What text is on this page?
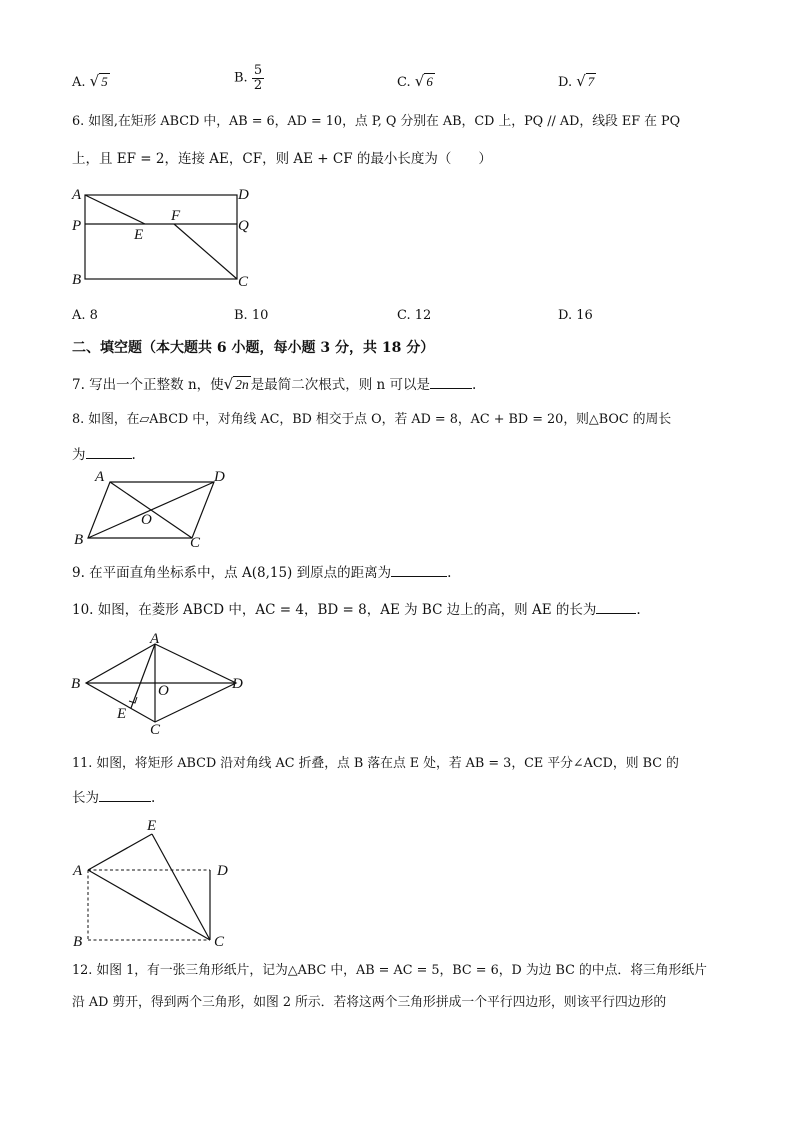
A. √ 5	B. $\frac{5}{2}$	C. √ 6	D. √ 7
6. 如图,在矩形 ABCD 中，AB = 6，AD = 10，点 P, Q 分别在 AB，CD 上，PQ // AD，线段 EF 在 PQ
上，且 EF = 2，连接 AE，CF，则 AE + CF 的最小长度为（　　）
A	D
P	Q
E
F
B	C
A. 8	B. 10	C. 12	D. 16
二、填空题（本大题共 6 小题，每小题 3 分，共 18 分）
7. 写出一个正整数 n，使√ 2n 是最简二次根式，则 n 可以是	.
8. 如图，在▱ABCD 中，对角线 AC，BD 相交于点 O，若 AD = 8，AC + BD = 20，则△BOC 的周长
为	.
A	D
O
B	C
9. 在平面直角坐标系中，点 A(8,15) 到原点的距离为	.
10. 如图，在菱形 ABCD 中，AC = 4，BD = 8，AE 为 BC 边上的高，则 AE 的长为	.
A
B	O	D
E
C
11. 如图，将矩形 ABCD 沿对角线 AC 折叠，点 B 落在点 E 处，若 AB = 3，CE 平分∠ACD，则 BC 的
长为	.
E
A	D
B	C
12. 如图 1，有一张三角形纸片，记为△ABC 中，AB = AC = 5，BC = 6，D 为边 BC 的中点．将三角形纸片
沿 AD 剪开，得到两个三角形，如图 2 所示．若将这两个三角形拼成一个平行四边形，则该平行四边形的
